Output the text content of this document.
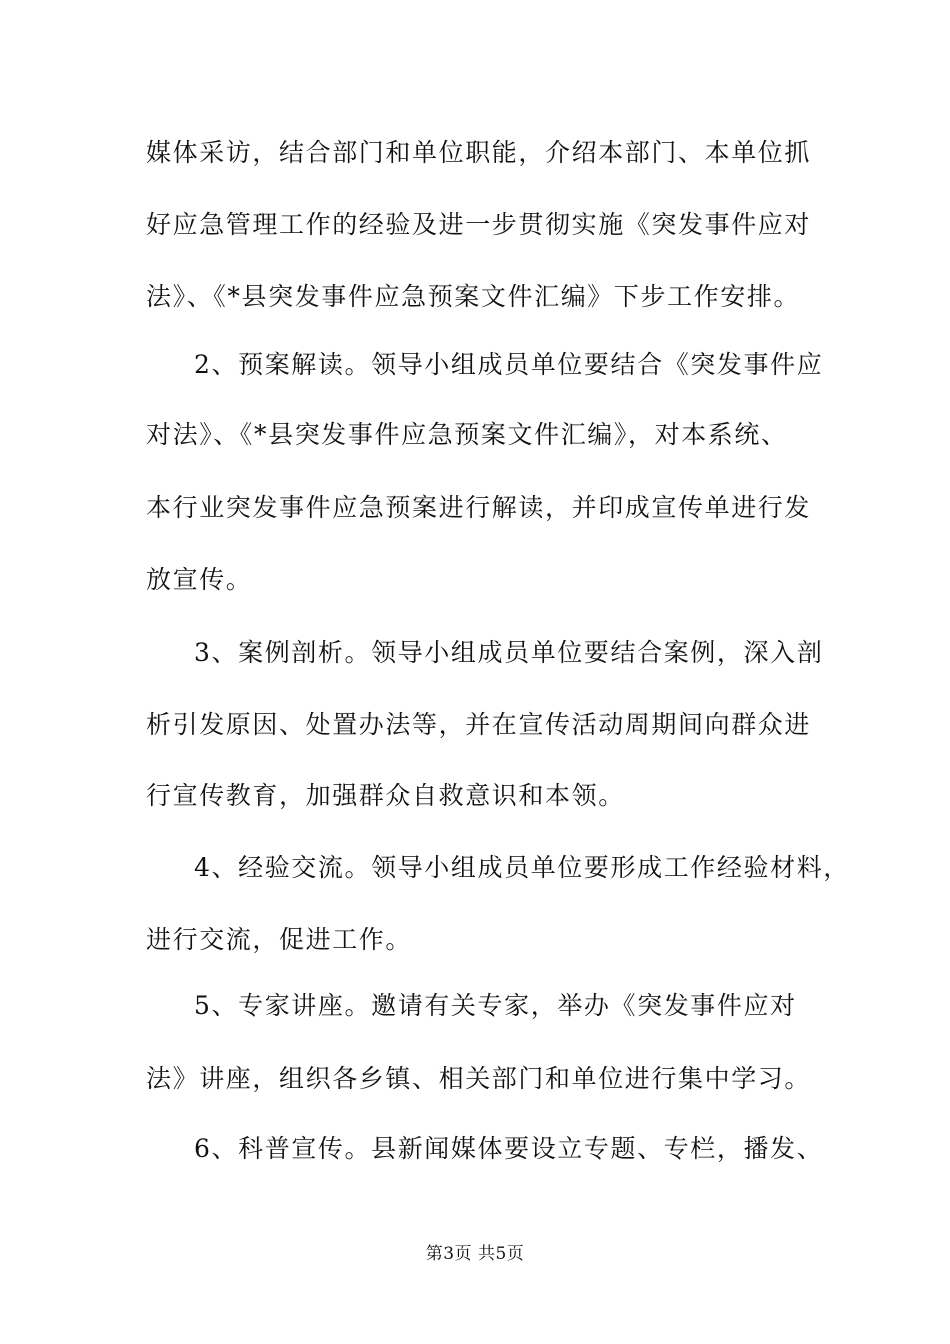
媒体采访，结合部门和单位职能，介绍本部门、本单位抓
好应急管理工作的经验及进一步贯彻实施《突发事件应对
法》、《*县突发事件应急预案文件汇编》下步工作安排。
2、预案解读。领导小组成员单位要结合《突发事件应
对法》、《*县突发事件应急预案文件汇编》，对本系统、
本行业突发事件应急预案进行解读，并印成宣传单进行发
放宣传。
3、案例剖析。领导小组成员单位要结合案例，深入剖
析引发原因、处置办法等，并在宣传活动周期间向群众进
行宣传教育，加强群众自救意识和本领。
4、经验交流。领导小组成员单位要形成工作经验材料，
进行交流，促进工作。
5、专家讲座。邀请有关专家，举办《突发事件应对
法》讲座，组织各乡镇、相关部门和单位进行集中学习。
6、科普宣传。县新闻媒体要设立专题、专栏，播发、
第3页 共5页
